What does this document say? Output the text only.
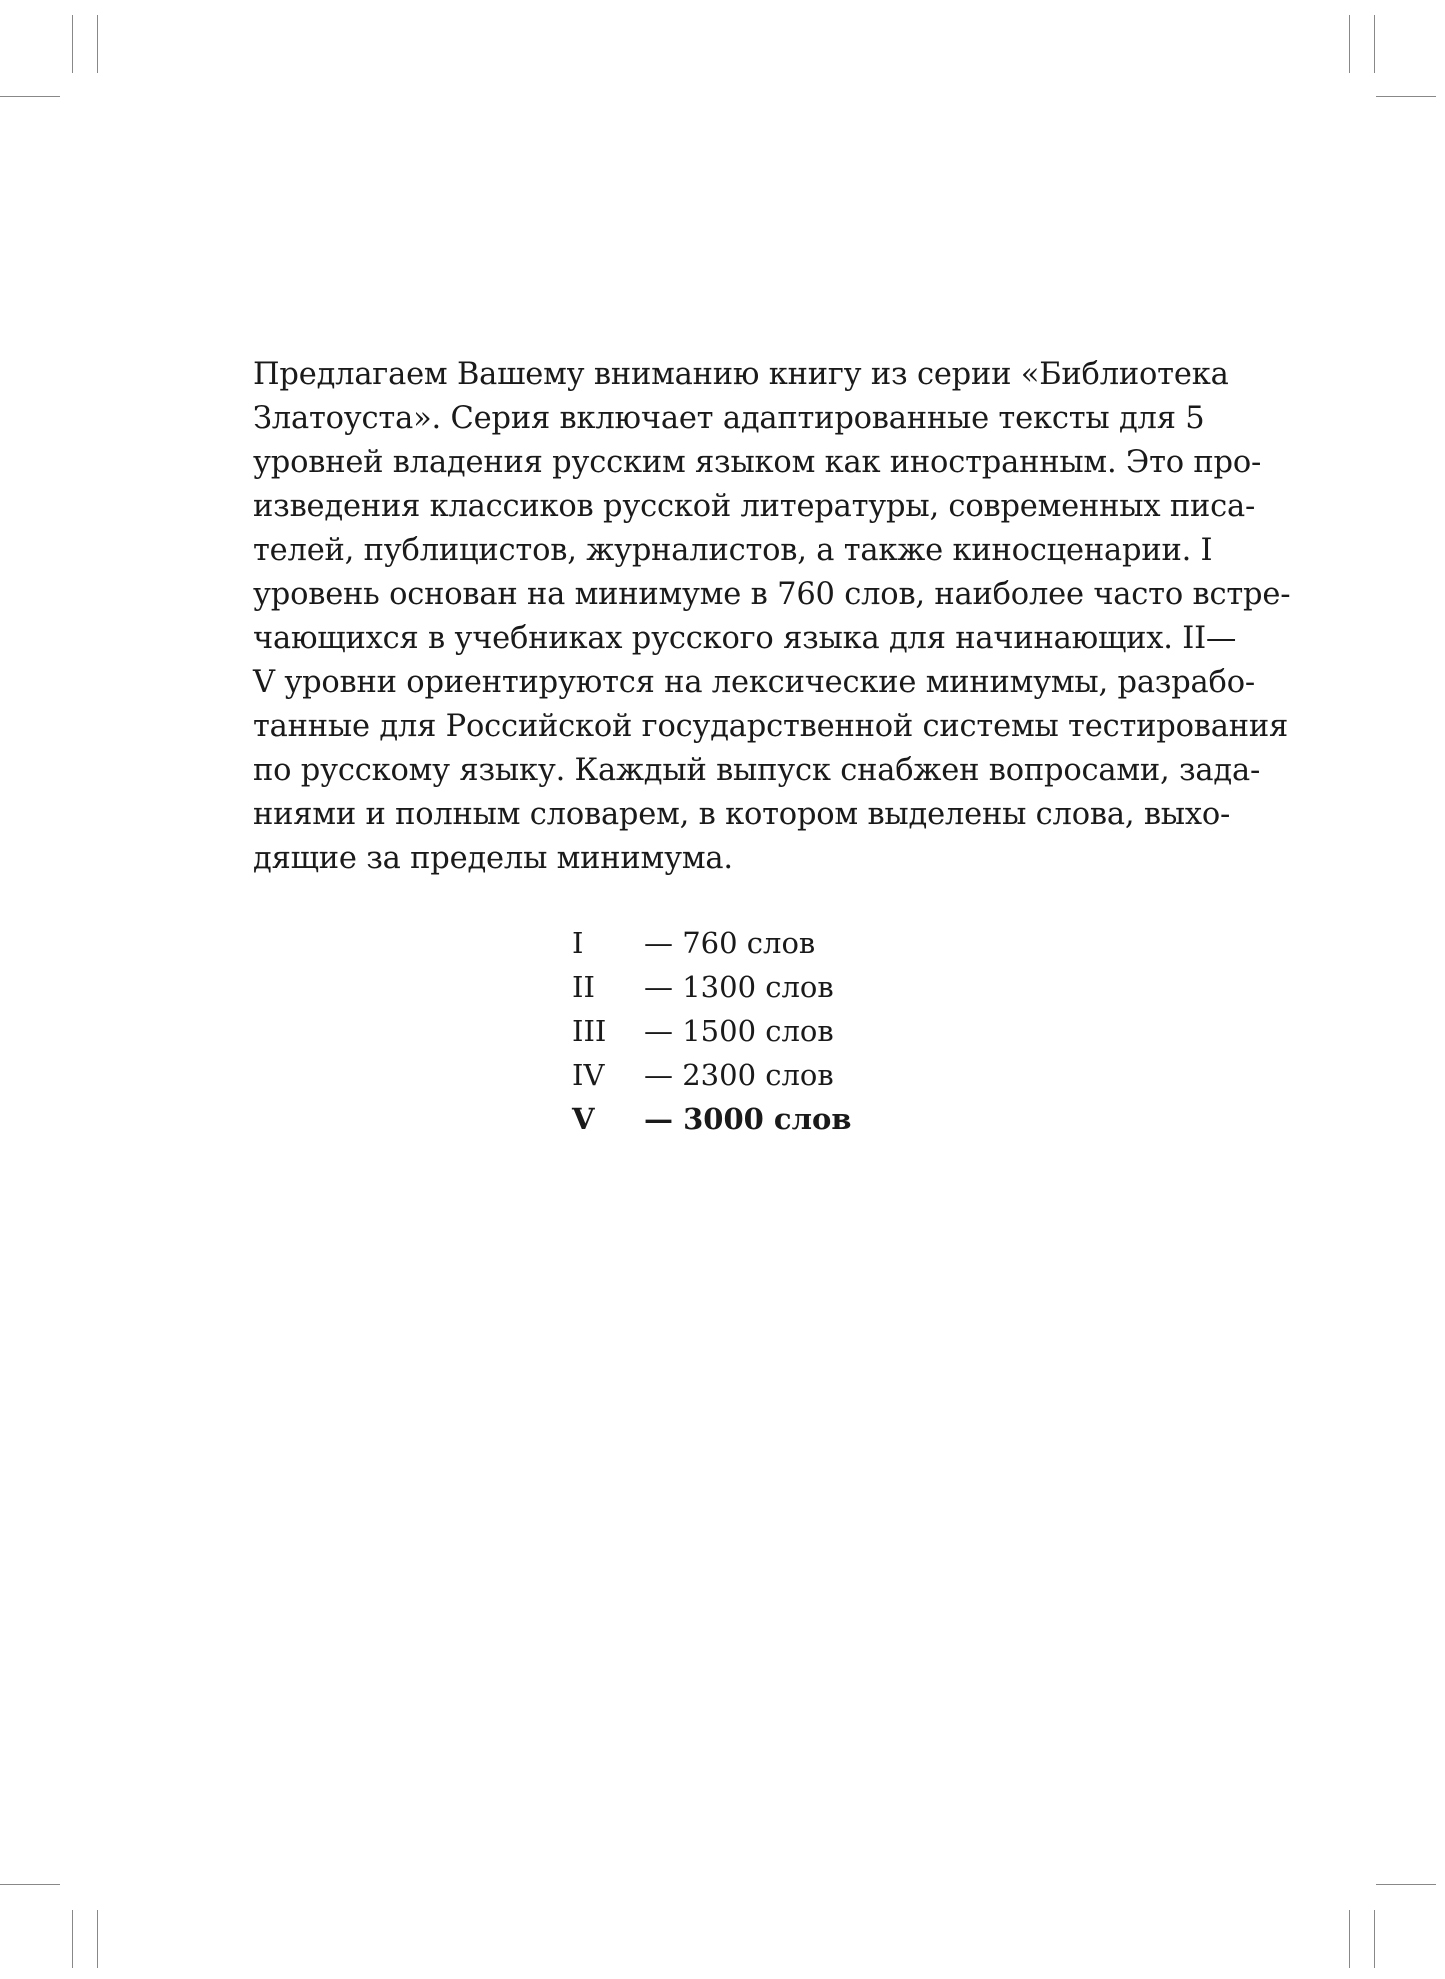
Предлагаем Вашему вниманию книгу из серии «Библиотека
Златоуста». Серия включает адаптированные тексты для 5
уровней владения русским языком как иностранным. Это про-
изведения классиков русской литературы, современных писа-
телей, публицистов, журналистов, а также киносценарии. I
уровень основан на минимуме в 760 слов, наиболее часто встре-
чающихся в учебниках русского языка для начинающих. II—
V уровни ориентируются на лексические минимумы, разрабо-
танные для Российской государственной системы тестирования
по русскому языку. Каждый выпуск снабжен вопросами, зада-
ниями и полным словарем, в котором выделены слова, выхо-
дящие за пределы минимума.
I	— 760 слов
II	— 1300 слов
III	— 1500 слов
IV	— 2300 слов
V	— 3000 слов
